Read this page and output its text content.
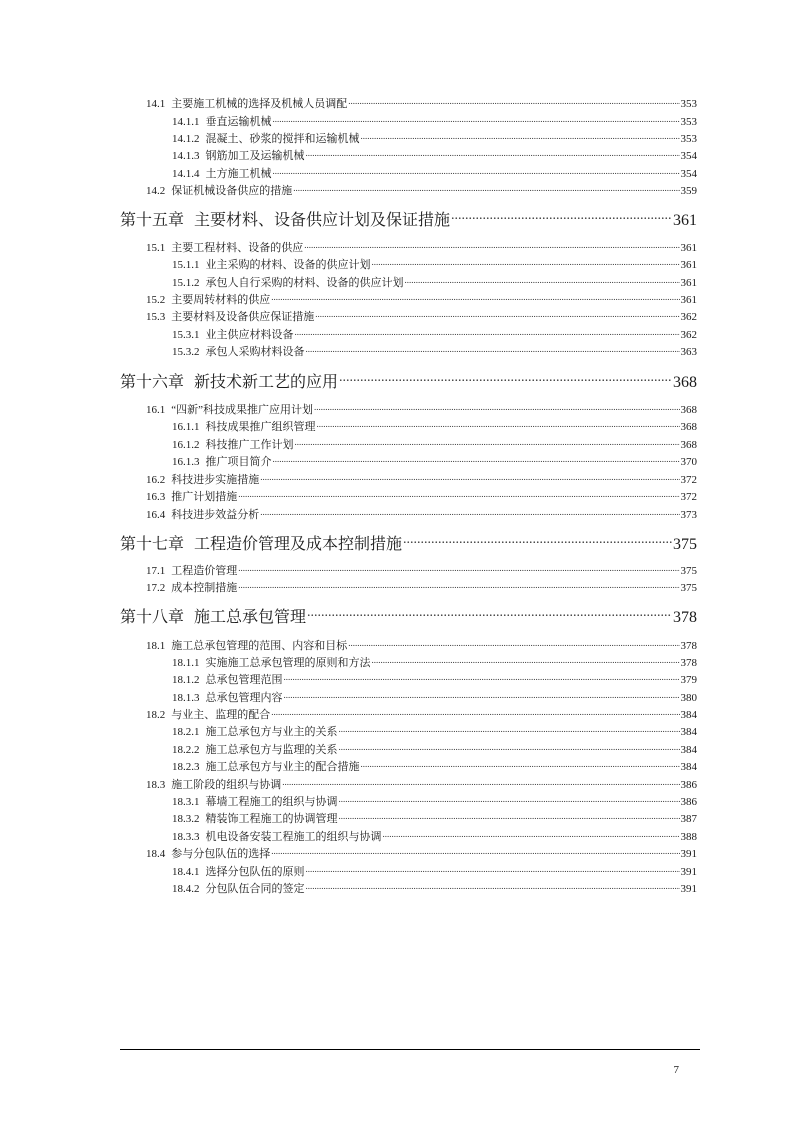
14.1 主要施工机械的选择及机械人员调配 .....	353
14.1.1 垂直运输机械 .....	353
14.1.2 混凝土、砂浆的搅拌和运输机械 .....	353
14.1.3 钢筋加工及运输机械 .....	354
14.1.4 土方施工机械 .....	354
14.2 保证机械设备供应的措施 .....	359
第十五章 主要材料、设备供应计划及保证措施 .....	361
15.1 主要工程材料、设备的供应 .....	361
15.1.1 业主采购的材料、设备的供应计划 .....	361
15.1.2 承包人自行采购的材料、设备的供应计划 .....	361
15.2 主要周转材料的供应 .....	361
15.3 主要材料及设备供应保证措施 .....	362
15.3.1 业主供应材料设备 .....	362
15.3.2 承包人采购材料设备 .....	363
第十六章 新技术新工艺的应用 .....	368
16.1 “四新”科技成果推广应用计划 .....	368
16.1.1 科技成果推广组织管理 .....	368
16.1.2 科技推广工作计划 .....	368
16.1.3 推广项目简介 .....	370
16.2 科技进步实施措施 .....	372
16.3 推广计划措施 .....	372
16.4 科技进步效益分析 .....	373
第十七章 工程造价管理及成本控制措施 .....	375
17.1 工程造价管理 .....	375
17.2 成本控制措施 .....	375
第十八章 施工总承包管理 .....	378
18.1 施工总承包管理的范围、内容和目标 .....	378
18.1.1 实施施工总承包管理的原则和方法 .....	378
18.1.2 总承包管理范围 .....	379
18.1.3 总承包管理内容 .....	380
18.2 与业主、监理的配合 .....	384
18.2.1 施工总承包方与业主的关系 .....	384
18.2.2 施工总承包方与监理的关系 .....	384
18.2.3 施工总承包方与业主的配合措施 .....	384
18.3 施工阶段的组织与协调 .....	386
18.3.1 幕墙工程施工的组织与协调 .....	386
18.3.2 精装饰工程施工的协调管理 .....	387
18.3.3 机电设备安装工程施工的组织与协调 .....	388
18.4 参与分包队伍的选择 .....	391
18.4.1 选择分包队伍的原则 .....	391
18.4.2 分包队伍合同的签定 .....	391
7
